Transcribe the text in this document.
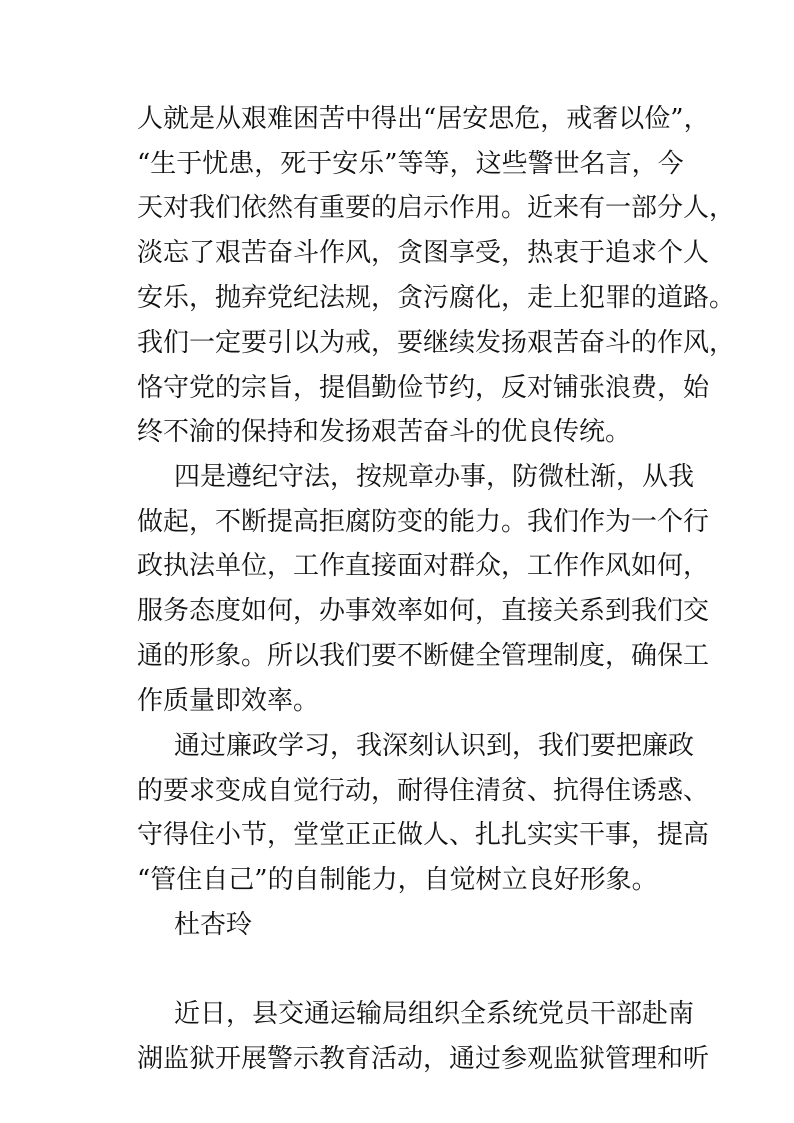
人就是从艰难困苦中得出“居安思危，戒奢以俭”，
“生于忧患，死于安乐”等等，这些警世名言，今
天对我们依然有重要的启示作用。近来有一部分人，
淡忘了艰苦奋斗作风，贪图享受，热衷于追求个人
安乐，抛弃党纪法规，贪污腐化，走上犯罪的道路。
我们一定要引以为戒，要继续发扬艰苦奋斗的作风，
恪守党的宗旨，提倡勤俭节约，反对铺张浪费，始
终不渝的保持和发扬艰苦奋斗的优良传统。
四是遵纪守法，按规章办事，防微杜渐，从我
做起，不断提高拒腐防变的能力。我们作为一个行
政执法单位，工作直接面对群众，工作作风如何，
服务态度如何，办事效率如何，直接关系到我们交
通的形象。所以我们要不断健全管理制度，确保工
作质量即效率。
通过廉政学习，我深刻认识到，我们要把廉政
的要求变成自觉行动，耐得住清贫、抗得住诱惑、
守得住小节，堂堂正正做人、扎扎实实干事，提高
“管住自己”的自制能力，自觉树立良好形象。
杜杏玲
近日，县交通运输局组织全系统党员干部赴南
湖监狱开展警示教育活动，通过参观监狱管理和听
